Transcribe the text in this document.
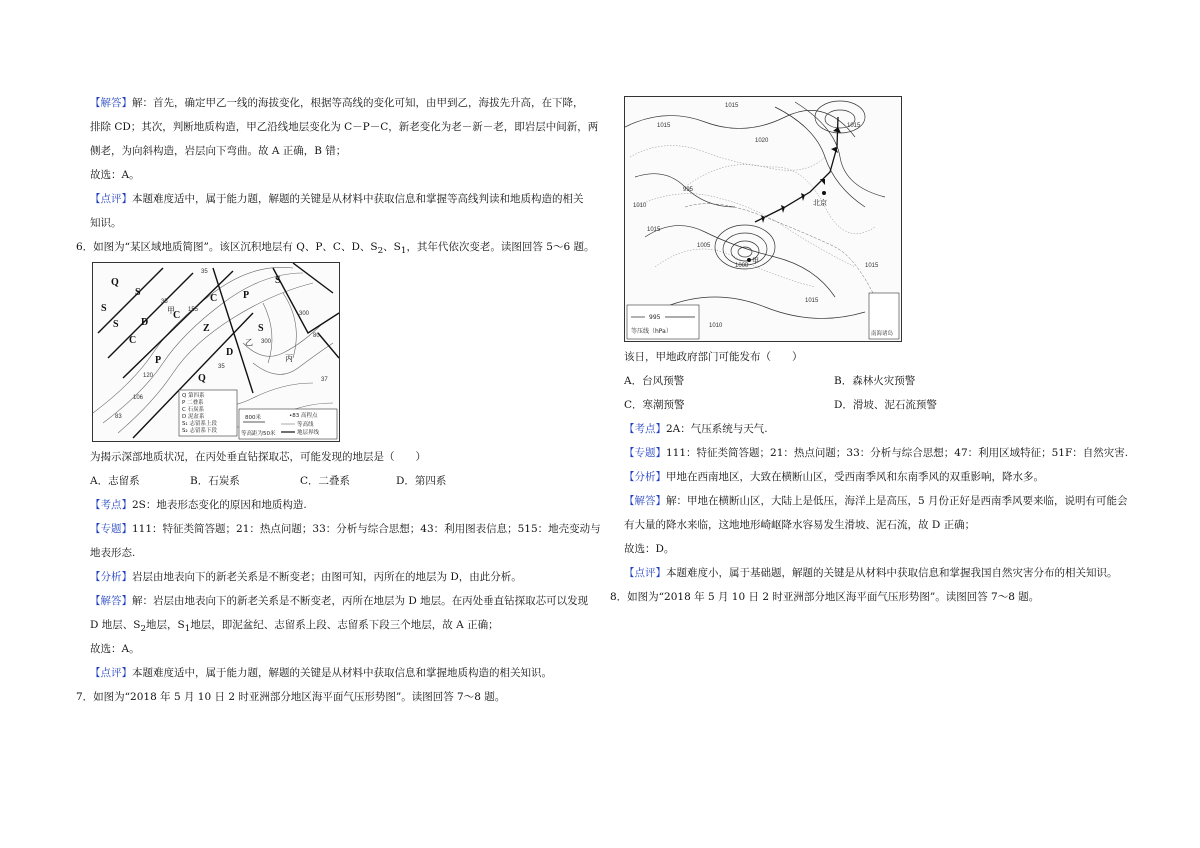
【解答】解：首先，确定甲乙一线的海拔变化，根据等高线的变化可知，由甲到乙，海拔先升高，在下降，
排除 CD；其次，判断地质构造，甲乙沿线地层变化为 C－P－C，新老变化为老－新－老，即岩层中间新，两
侧老，为向斜构造，岩层向下弯曲。故 A 正确，B 错；
故选：A。
【点评】本题难度适中，属于能力题，解题的关键是从材料中获取信息和掌握等高线判读和地质构造的相关
知识。
6．如图为“某区域地质简图”。该区沉积地层有 Q、P、C、D、$S_2$、$S_1$，其年代依次变老。读图回答 5～6 题。
Q
S
S
S
D
C
P
C
Z
C
S
S
D
Q
P
甲
乙
丙
35
155
35
35
120
106
83
37
300
300
80
Q 第四系
P 二叠系
C 石炭系
D 泥盆系
S₁ 志留系上段
S₂ 志留系下段
800米
等高距为50米
•83 高程点
等高线
地层界线
为揭示深部地质状况，在丙处垂直钻探取芯，可能发现的地层是（　　）
A．志留系	B．石炭系	C．二叠系	D．第四系
【考点】2S：地表形态变化的原因和地质构造.
【专题】111：特征类简答题；21：热点问题；33：分析与综合思想；43：利用图表信息；515：地壳变动与
地表形态.
【分析】岩层由地表向下的新老关系是不断变老；由图可知，丙所在的地层为 D，由此分析。
【解答】解：岩层由地表向下的新老关系是不断变老，丙所在地层为 D 地层。在丙处垂直钻探取芯可以发现
D 地层、$S_2$地层，$S_1$地层，即泥盆纪、志留系上段、志留系下段三个地层，故 A 正确；
故选：A。
【点评】本题难度适中，属于能力题，解题的关键是从材料中获取信息和掌握地质构造的相关知识。
7．如图为“2018 年 5 月 10 日 2 时亚洲部分地区海平面气压形势图”。读图回答 7～8 题。
1015
1015
1020
1015
1010
1015
1005
1000
995
1010
1015
1015
北京
甲
995
等压线（hPa）	南海诸岛
该日，甲地政府部门可能发布（　　）
A．台风预警	B．森林火灾预警
C．寒潮预警	D．滑坡、泥石流预警
【考点】2A：气压系统与天气.
【专题】111：特征类简答题；21：热点问题；33：分析与综合思想；47：利用区域特征；51F：自然灾害.
【分析】甲地在西南地区，大致在横断山区，受西南季风和东南季风的双重影响，降水多。
【解答】解：甲地在横断山区，大陆上是低压，海洋上是高压，5 月份正好是西南季风要来临，说明有可能会
有大量的降水来临，这地地形崎岖降水容易发生滑坡、泥石流，故 D 正确；
故选：D。
【点评】本题难度小，属于基础题，解题的关键是从材料中获取信息和掌握我国自然灾害分布的相关知识。
8．如图为“2018 年 5 月 10 日 2 时亚洲部分地区海平面气压形势图”。读图回答 7～8 题。
